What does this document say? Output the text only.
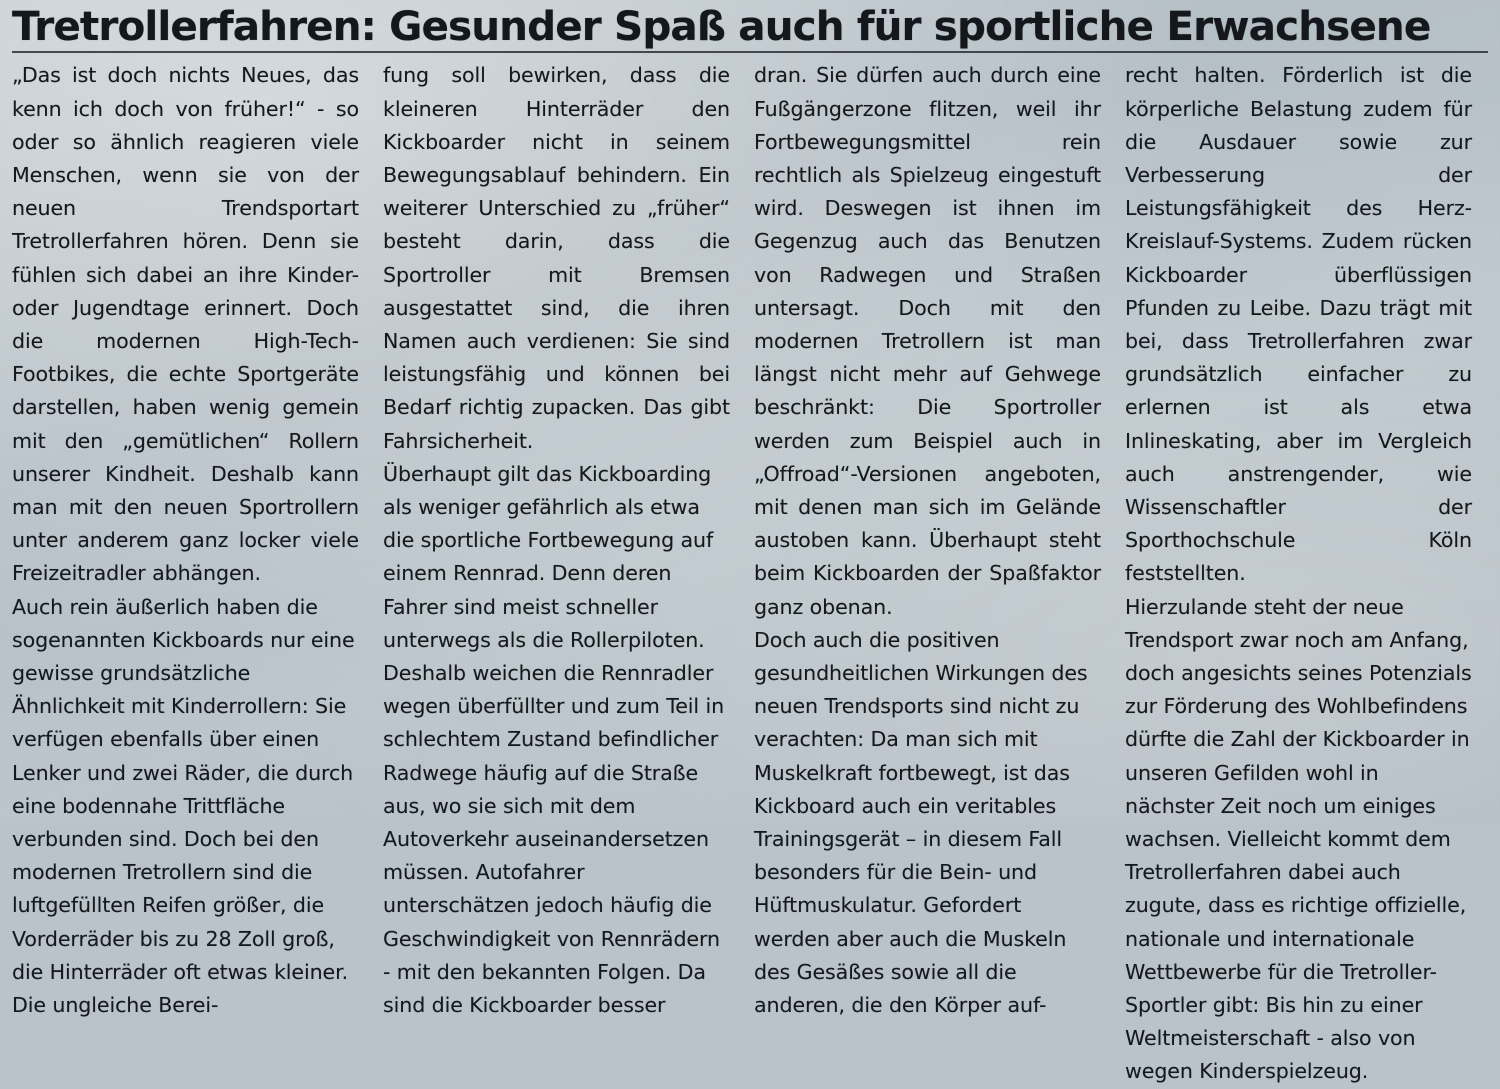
Tretrollerfahren: Gesunder Spaß auch für sportliche Erwachsene

„Das ist doch nichts Neues, das kenn ich doch von früher!“ - so oder so ähnlich reagieren viele Menschen, wenn sie von der neuen Trendsportart Tretrollerfahren hören. Denn sie fühlen sich dabei an ihre Kinder- oder Jugendtage erinnert. Doch die modernen High-Tech-Footbikes, die echte Sportgeräte darstellen, haben wenig gemein mit den „gemütlichen“ Rollern unserer Kindheit. Deshalb kann man mit den neuen Sportrollern unter anderem ganz locker viele Freizeitradler abhängen.

Auch rein äußerlich haben die sogenannten Kickboards nur eine gewisse grundsätzliche Ähnlichkeit mit Kinderrollern: Sie verfügen ebenfalls über einen Lenker und zwei Räder, die durch eine bodennahe Trittfläche verbunden sind. Doch bei den modernen Tretrollern sind die luftgefüllten Reifen größer, die Vorderräder bis zu 28 Zoll groß, die Hinterräder oft etwas kleiner. Die ungleiche Berei-

fung soll bewirken, dass die kleineren Hinterräder den Kickboarder nicht in seinem Bewegungsablauf behindern. Ein weiterer Unterschied zu „früher“ besteht darin, dass die Sportroller mit Bremsen ausgestattet sind, die ihren Namen auch verdienen: Sie sind leistungsfähig und können bei Bedarf richtig zupacken. Das gibt Fahrsicherheit.

Überhaupt gilt das Kickboarding als weniger gefährlich als etwa die sportliche Fortbewegung auf einem Rennrad. Denn deren Fahrer sind meist schneller unterwegs als die Rollerpiloten. Deshalb weichen die Rennradler wegen überfüllter und zum Teil in schlechtem Zustand befindlicher Radwege häufig auf die Straße aus, wo sie sich mit dem Autoverkehr auseinandersetzen müssen. Autofahrer unterschätzen jedoch häufig die Geschwindigkeit von Rennrädern - mit den bekannten Folgen. Da sind die Kickboarder besser

dran. Sie dürfen auch durch eine Fußgängerzone flitzen, weil ihr Fortbewegungsmittel rein rechtlich als Spielzeug eingestuft wird. Deswegen ist ihnen im Gegenzug auch das Benutzen von Radwegen und Straßen untersagt. Doch mit den modernen Tretrollern ist man längst nicht mehr auf Gehwege beschränkt: Die Sportroller werden zum Beispiel auch in „Offroad“-Versionen angeboten, mit denen man sich im Gelände austoben kann. Überhaupt steht beim Kickboarden der Spaßfaktor ganz obenan.

Doch auch die positiven gesundheitlichen Wirkungen des neuen Trendsports sind nicht zu verachten: Da man sich mit Muskelkraft fortbewegt, ist das Kickboard auch ein veritables Trainingsgerät – in diesem Fall besonders für die Bein- und Hüftmuskulatur. Gefordert werden aber auch die Muskeln des Gesäßes sowie all die anderen, die den Körper auf-

recht halten. Förderlich ist die körperliche Belastung zudem für die Ausdauer sowie zur Verbesserung der Leistungsfähigkeit des Herz-Kreislauf-Systems. Zudem rücken Kickboarder überflüssigen Pfunden zu Leibe. Dazu trägt mit bei, dass Tretrollerfahren zwar grundsätzlich einfacher zu erlernen ist als etwa Inlineskating, aber im Vergleich auch anstrengender, wie Wissenschaftler der Sporthochschule Köln feststellten.

Hierzulande steht der neue Trendsport zwar noch am Anfang, doch angesichts seines Potenzials zur Förderung des Wohlbefindens dürfte die Zahl der Kickboarder in unseren Gefilden wohl in nächster Zeit noch um einiges wachsen. Vielleicht kommt dem Tretrollerfahren dabei auch zugute, dass es richtige offizielle, nationale und internationale Wettbewerbe für die Tretroller-Sportler gibt: Bis hin zu einer Weltmeisterschaft - also von wegen Kinderspielzeug.
